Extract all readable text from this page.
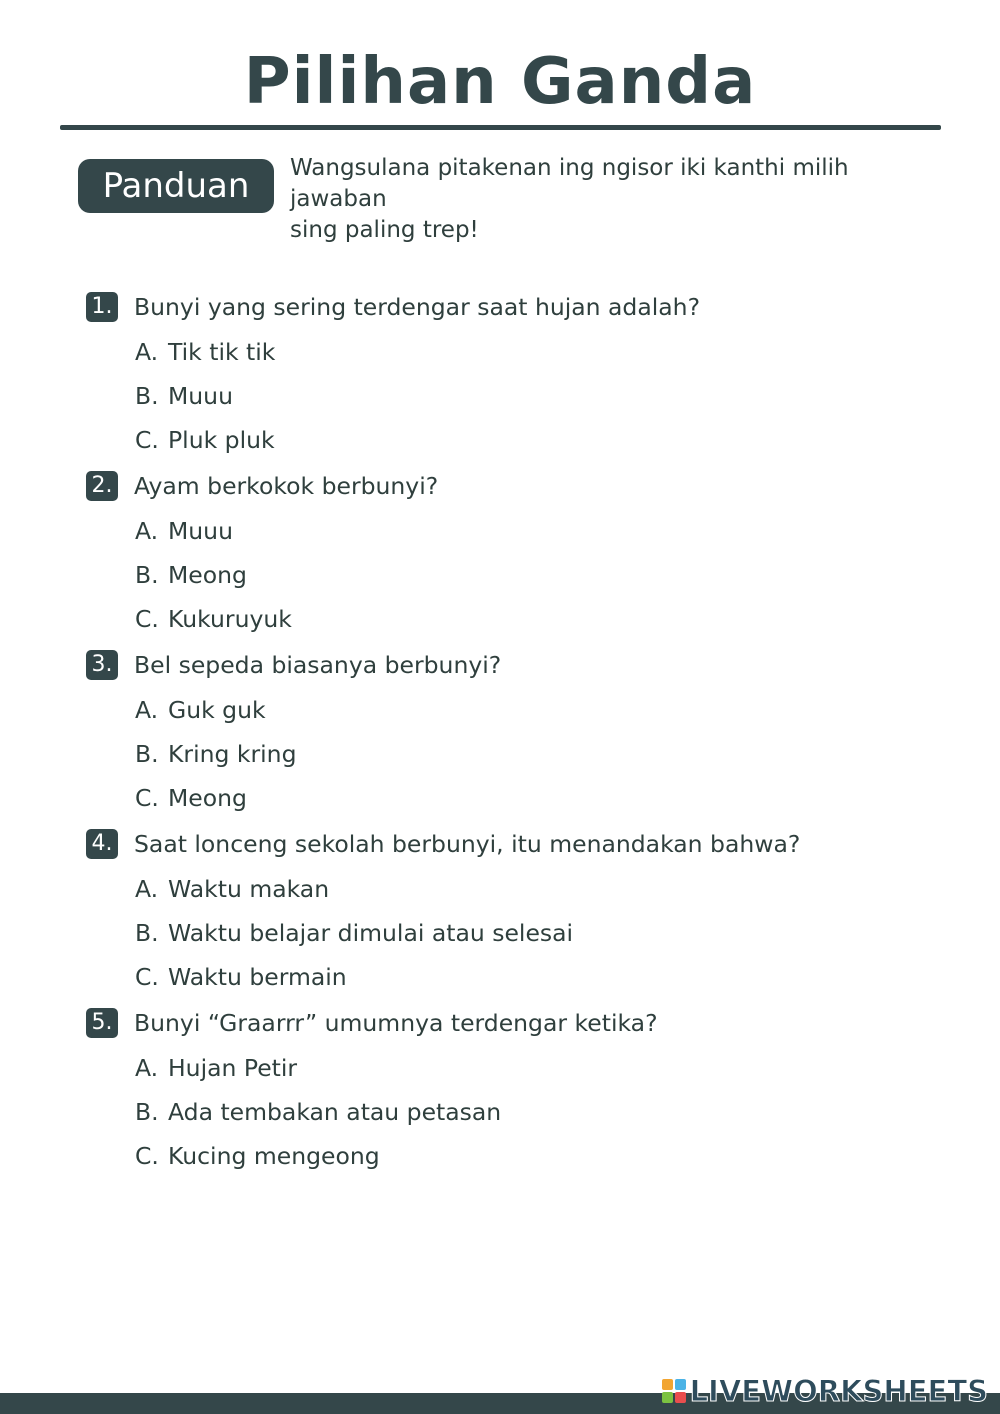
Pilihan Ganda
Panduan	Wangsulana pitakenan ing ngisor iki kanthi milih jawaban
sing paling trep!
1. Bunyi yang sering terdengar saat hujan adalah?
A. Tik tik tik
B. Muuu
C. Pluk pluk
2. Ayam berkokok berbunyi?
A. Muuu
B. Meong
C. Kukuruyuk
3. Bel sepeda biasanya berbunyi?
A. Guk guk
B. Kring kring
C. Meong
4. Saat lonceng sekolah berbunyi, itu menandakan bahwa?
A. Waktu makan
B. Waktu belajar dimulai atau selesai
C. Waktu bermain
5. Bunyi “Graarrr” umumnya terdengar ketika?
A. Hujan Petir
B. Ada tembakan atau petasan
C. Kucing mengeong
LIVEWORKSHEETS
